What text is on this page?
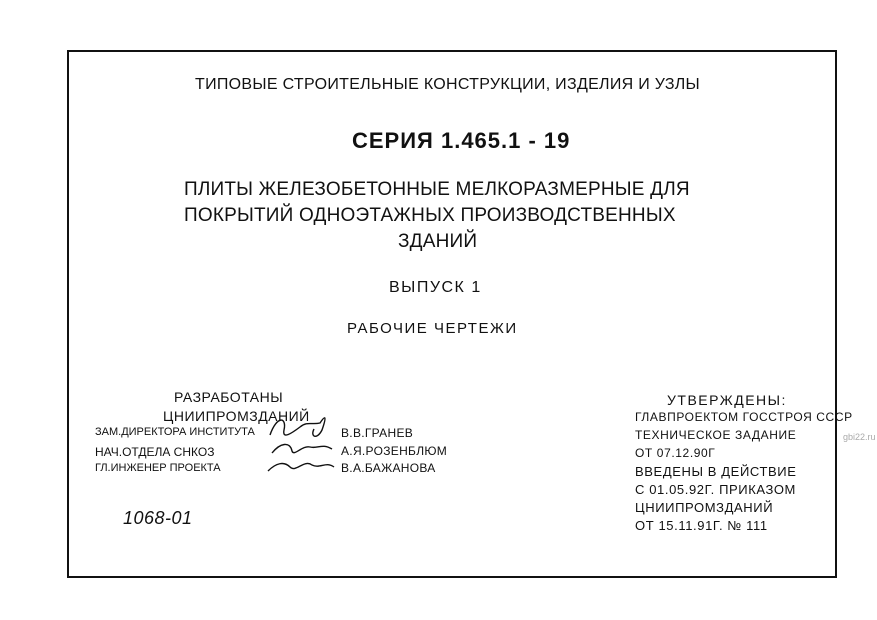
ТИПОВЫЕ СТРОИТЕЛЬНЫЕ КОНСТРУКЦИИ, ИЗДЕЛИЯ И УЗЛЫ
СЕРИЯ 1.465.1 - 19
ПЛИТЫ ЖЕЛЕЗОБЕТОННЫЕ МЕЛКОРАЗМЕРНЫЕ ДЛЯ
ПОКРЫТИЙ ОДНОЭТАЖНЫХ ПРОИЗВОДСТВЕННЫХ
ЗДАНИЙ
ВЫПУСК 1
РАБОЧИЕ ЧЕРТЕЖИ
РАЗРАБОТАНЫ
ЦНИИПРОМЗДАНИЙ
ЗАМ.ДИРЕКТОРА ИНСТИТУТА
НАЧ.ОТДЕЛА СНКОЗ
ГЛ.ИНЖЕНЕР ПРОЕКТА
В.В.ГРАНЕВ
А.Я.РОЗЕНБЛЮМ
В.А.БАЖАНОВА
УТВЕРЖДЕНЫ:
ГЛАВПРОЕКТОМ ГОССТРОЯ СССР
ТЕХНИЧЕСКОЕ ЗАДАНИЕ
ОТ 07.12.90Г
ВВЕДЕНЫ В ДЕЙСТВИЕ
С 01.05.92Г. ПРИКАЗОМ
ЦНИИПРОМЗДАНИЙ
ОТ 15.11.91Г. № 111
1068-01
gbi22.ru
